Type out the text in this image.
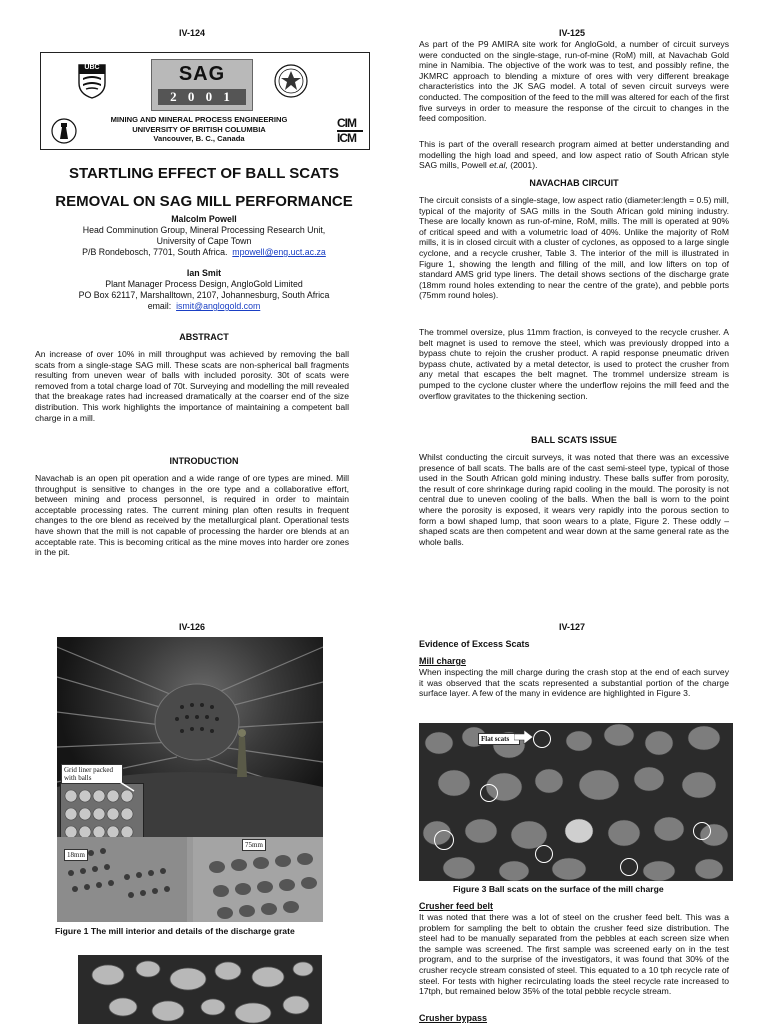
IV-124
UBC	SAG
2 0 0 1
MINING AND MINERAL PROCESS ENGINEERING
UNIVERSITY OF BRITISH COLUMBIA
Vancouver, B. C., Canada
CIM
ICM
STARTLING EFFECT OF BALL SCATS
REMOVAL ON SAG MILL PERFORMANCE
Malcolm Powell
Head Comminution Group, Mineral Processing Research Unit,
University of Cape Town
P/B Rondebosch, 7701, South Africa. mpowell@eng.uct.ac.za
Ian Smit
Plant Manager Process Design, AngloGold Limited
PO Box 62117, Marshalltown, 2107, Johannesburg, South Africa
email: ismit@anglogold.com
ABSTRACT

An increase of over 10% in mill throughput was achieved by removing the ball scats from a single-stage SAG mill. These scats are non-spherical ball fragments resulting from uneven wear of balls with included porosity. 30t of scats were removed from a total charge load of 70t. Surveying and modelling the mill revealed that the breakage rates had increased dramatically at the coarser end of the size distribution. This work highlights the importance of maintaining a competent ball charge in a mill.

INTRODUCTION

Navachab is an open pit operation and a wide range of ore types are mined. Mill throughput is sensitive to changes in the ore type and a collaborative effort, between mining and process personnel, is required in order to maintain acceptable processing rates. The current mining plan often results in frequent changes to the ore blend as received by the metallurgical plant. Operational tests have shown that the mill is not capable of processing the harder ore blends at an acceptable rate. This is becoming critical as the mine moves into harder ore zones in the pit.

IV-125

As part of the P9 AMIRA site work for AngloGold, a number of circuit surveys were conducted on the single-stage, run-of-mine (RoM) mill, at Navachab Gold mine in Namibia. The objective of the work was to test, and possibly refine, the JKMRC approach to blending a mixture of ores with very different breakage characteristics into the JK SAG model. A total of seven circuit surveys were conducted. The composition of the feed to the mill was altered for each of the first five surveys in order to measure the response of the circuit to changes in the feed composition.

This is part of the overall research program aimed at better understanding and modelling the high load and speed, and low aspect ratio of South African style SAG mills, Powell et.al, (2001).

NAVACHAB CIRCUIT

The circuit consists of a single-stage, low aspect ratio (diameter:length = 0.5) mill, typical of the majority of SAG mills in the South African gold mining industry. These are locally known as run-of-mine, RoM, mills. The mill is operated at 90% of critical speed and with a volumetric load of 40%. Unlike the majority of RoM mills, it is in closed circuit with a cluster of cyclones, as opposed to a large single cyclone, and a recycle crusher, Table 3. The interior of the mill is illustrated in Figure 1, showing the length and filling of the mill, and low lifters on top of standard AMS grid type liners. The detail shows sections of the discharge grate (18mm round holes extending to near the centre of the grate), and pebble ports (75mm round holes).

The trommel oversize, plus 11mm fraction, is conveyed to the recycle crusher. A belt magnet is used to remove the steel, which was previously dropped into a bypass chute to rejoin the crusher product. A rapid response pneumatic driven bypass chute, activated by a metal detector, is used to protect the crusher from any metal that escapes the belt magnet. The trommel undersize stream is pumped to the cyclone cluster where the underflow rejoins the mill feed and the overflow gravitates to the thickening section.

BALL SCATS ISSUE

Whilst conducting the circuit surveys, it was noted that there was an excessive presence of ball scats. The balls are of the cast semi-steel type, typical of those used in the South African gold mining industry. These balls suffer from porosity, the result of core shrinkage during rapid cooling in the mould. The porosity is not central due to uneven cooling of the balls. When the ball is worn to the point where the porosity is exposed, it wears very rapidly into the porous section to form a bowl shaped lump, that soon wears to a plate, Figure 2. These oddly –shaped scats are then competent and wear down at the same general rate as the whole balls.

IV-126
Grid liner packed with balls
18mm
75mm
Figure 1 The mill interior and details of the discharge grate
IV-127
Evidence of Excess Scats
Mill charge

When inspecting the mill charge during the crash stop at the end of each survey it was observed that the scats represented a substantial portion of the charge surface layer. A few of the many in evidence are highlighted in Figure 3.

Flat scats
Figure 3 Ball scats on the surface of the mill charge
Crusher feed belt

It was noted that there was a lot of steel on the crusher feed belt. This was a problem for sampling the belt to obtain the crusher feed size distribution. The steel had to be manually separated from the pebbles at each screen size when the sample was screened. The first sample was screened early on in the test program, and to the surprise of the investigators, it was found that 30% of the crusher recycle stream consisted of steel. This equated to a 10 tph recycle rate of steel. For tests with higher recirculating loads the steel recycle rate increased to 17tph, but remained below 35% of the total pebble recycle stream.

Crusher bypass
